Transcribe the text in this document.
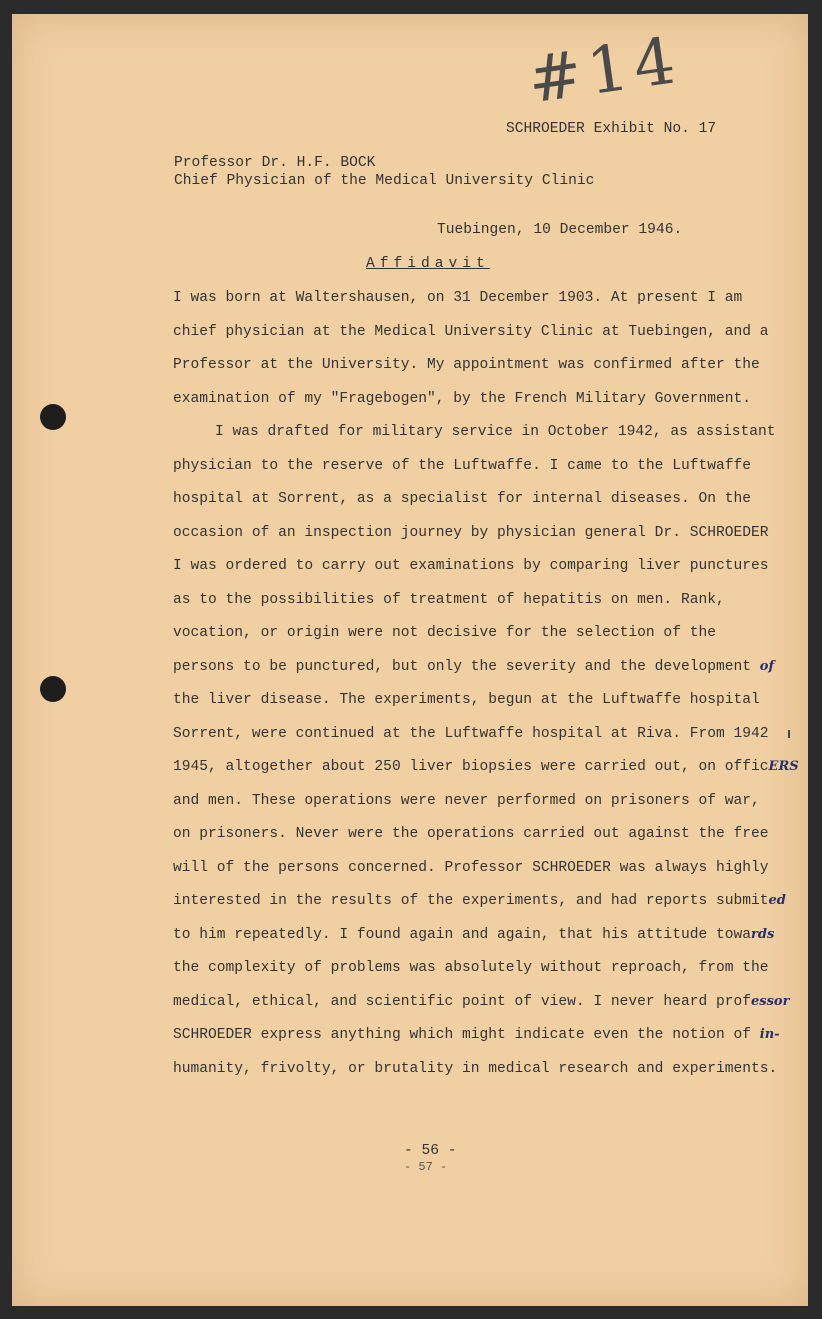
#14
SCHROEDER Exhibit No. 17
Professor Dr. H.F. BOCK
Chief Physician of the Medical University Clinic
Tuebingen, 10 December 1946.
Affidavit
I was born at Waltershausen, on 31 December 1903. At present I am
chief physician at the Medical University Clinic at Tuebingen, and a
Professor at the University. My appointment was confirmed after the
examination of my "Fragebogen", by the French Military Government.
I was drafted for military service in October 1942, as assistant
physician to the reserve of the Luftwaffe. I came to the Luftwaffe
hospital at Sorrent, as a specialist for internal diseases. On the
occasion of an inspection journey by physician general Dr. SCHROEDER
I was ordered to carry out examinations by comparing liver punctures
as to the possibilities of treatment of hepatitis on men. Rank,
vocation, or origin were not decisive for the selection of the
persons to be punctured, but only the severity and the development of
the liver disease. The experiments, begun at the Luftwaffe hospital
Sorrent, were continued at the Luftwaffe hospital at Riva. From 1942
1945, altogether about 250 liver biopsies were carried out, on officERS
and men. These operations were never performed on prisoners of war,
on prisoners. Never were the operations carried out against the free
will of the persons concerned. Professor SCHROEDER was always highly
interested in the results of the experiments, and had reports submited
to him repeatedly. I found again and again, that his attitude towards
the complexity of problems was absolutely without reproach, from the
medical, ethical, and scientific point of view. I never heard professor
SCHROEDER express anything which might indicate even the notion of in-
humanity, frivolty, or brutality in medical research and experiments.
- 56 -
- 57 -
